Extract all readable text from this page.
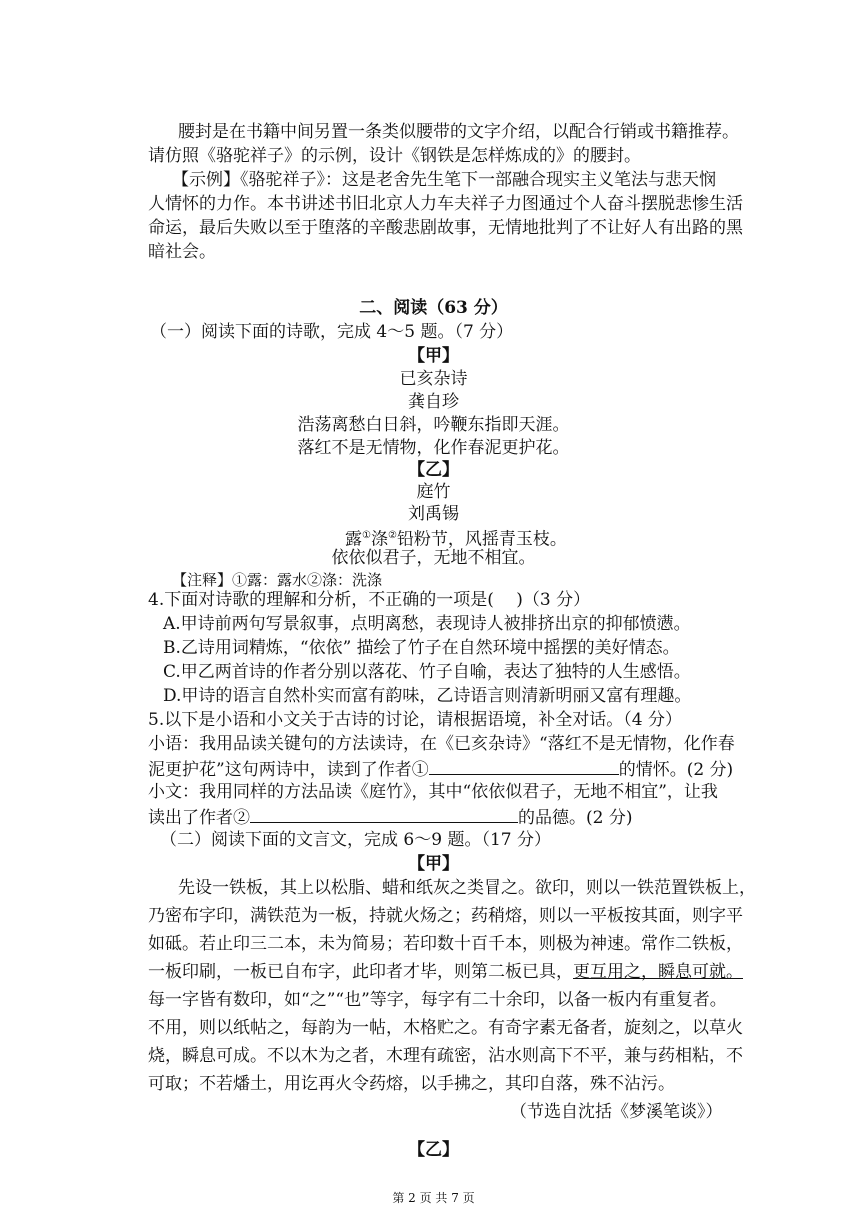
腰封是在书籍中间另置一条类似腰带的文字介绍，以配合行销或书籍推荐。
请仿照《骆驼祥子》的示例，设计《钢铁是怎样炼成的》的腰封。
【示例】《骆驼祥子》：这是老舍先生笔下一部融合现实主义笔法与悲天悯
人情怀的力作。本书讲述书旧北京人力车夫祥子力图通过个人奋斗摆脱悲惨生活
命运，最后失败以至于堕落的辛酸悲剧故事，无情地批判了不让好人有出路的黑
暗社会。
二、阅读（63 分）
（一）阅读下面的诗歌，完成 4～5 题。（7 分）
【甲】
已亥杂诗
龚自珍
浩荡离愁白日斜，吟鞭东指即天涯。
落红不是无情物，化作春泥更护花。
【乙】
庭竹
刘禹锡
露①涤②铅粉节，风摇青玉枝。
依依似君子，无地不相宜。
【注释】①露：露水②涤：洗涤
4.下面对诗歌的理解和分析，不正确的一项是(　 )（3 分）
A.甲诗前两句写景叙事，点明离愁，表现诗人被排挤出京的抑郁愤懑。
B.乙诗用词精炼，“依依” 描绘了竹子在自然环境中摇摆的美好情态。
C.甲乙两首诗的作者分别以落花、竹子自喻，表达了独特的人生感悟。
D.甲诗的语言自然朴实而富有韵味，乙诗语言则清新明丽又富有理趣。
5.以下是小语和小文关于古诗的讨论，请根据语境，补全对话。（4 分）
小语：我用品读关键句的方法读诗，在《已亥杂诗》“落红不是无情物，化作春
泥更护花”这句两诗中，读到了作者①	的情怀。(2 分)
小文：我用同样的方法品读《庭竹》，其中“依依似君子，无地不相宜”，让我
读出了作者②	的品德。(2 分)
（二）阅读下面的文言文，完成 6～9 题。（17 分）
【甲】
先设一铁板，其上以松脂、蜡和纸灰之类冒之。欲印，则以一铁范置铁板上，
乃密布字印，满铁范为一板，持就火炀之；药稍熔，则以一平板按其面，则字平
如砥。若止印三二本，未为简易；若印数十百千本，则极为神速。常作二铁板，
一板印刷，一板已自布字，此印者才毕，则第二板已具，更互用之，瞬息可就。
每一字皆有数印，如“之”“也”等字，每字有二十余印，以备一板内有重复者。
不用，则以纸帖之，每韵为一帖，木格贮之。有奇字素无备者，旋刻之，以草火
烧，瞬息可成。不以木为之者，木理有疏密，沾水则高下不平，兼与药相粘，不
可取；不若燔土，用讫再火令药熔，以手拂之，其印自落，殊不沾污。
（节选自沈括《梦溪笔谈》）
【乙】
第 2 页 共 7 页
